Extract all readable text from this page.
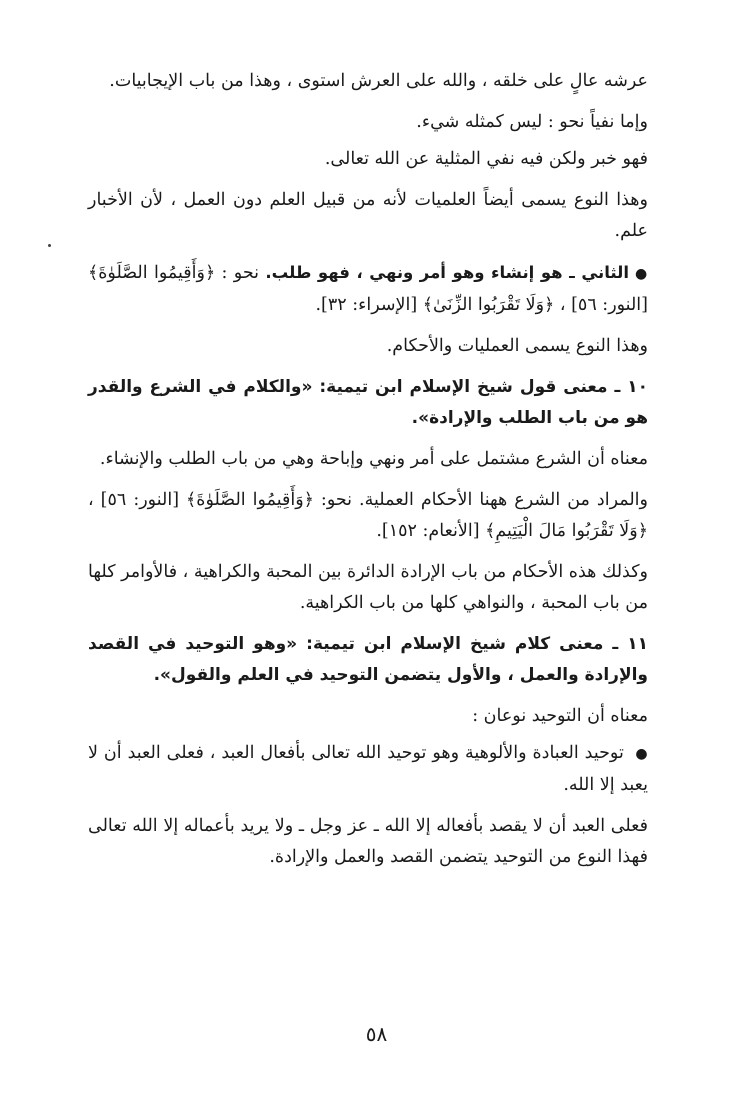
عرشه عالٍ على خلقه ، والله على العرش استوى ، وهذا من باب الإيجابيات.

وإما نفياً نحو : ليس كمثله شيء.

فهو خبر ولكن فيه نفي المثلية عن الله تعالى.

وهذا النوع يسمى أيضاً العلميات لأنه من قبيل العلم دون العمل ، لأن الأخبار علم.

●الثاني ـ هو إنشاء وهو أمر ونهي ، فهو طلب. نحو : ﴿وَأَقِيمُوا الصَّلَوٰةَ﴾ [النور: ٥٦] ، ﴿وَلَا تَقْرَبُوا الزِّنَىٰ﴾ [الإسراء: ٣٢].

وهذا النوع يسمى العمليات والأحكام.

١٠ ـ معنى قول شيخ الإسلام ابن تيمية: «والكلام في الشرع والقدر هو من باب الطلب والإرادة».

معناه أن الشرع مشتمل على أمر ونهي وإباحة وهي من باب الطلب والإنشاء.

والمراد من الشرع ههنا الأحكام العملية. نحو: ﴿وَأَقِيمُوا الصَّلَوٰةَ﴾ [النور: ٥٦] ، ﴿وَلَا تَقْرَبُوا مَالَ الْيَتِيمِ﴾ [الأنعام: ١٥٢].

وكذلك هذه الأحكام من باب الإرادة الدائرة بين المحبة والكراهية ، فالأوامر كلها من باب المحبة ، والنواهي كلها من باب الكراهية.

١١ ـ معنى كلام شيخ الإسلام ابن تيمية: «وهو التوحيد في القصد والإرادة والعمل ، والأول يتضمن التوحيد في العلم والقول».

معناه أن التوحيد نوعان :

● توحيد العبادة والألوهية وهو توحيد الله تعالى بأفعال العبد ، فعلى العبد أن لا يعبد إلا الله.

فعلى العبد أن لا يقصد بأفعاله إلا الله ـ عز وجل ـ ولا يريد بأعماله إلا الله تعالى فهذا النوع من التوحيد يتضمن القصد والعمل والإرادة.

٥٨
